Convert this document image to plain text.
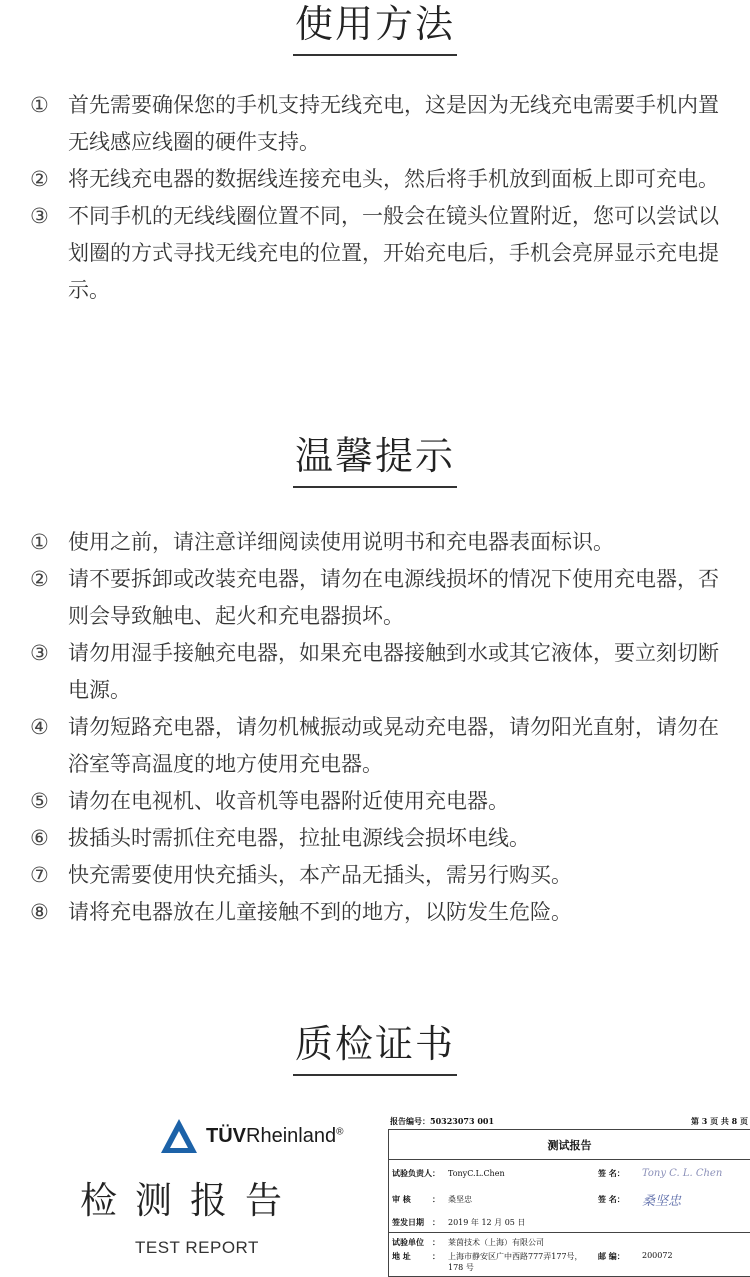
使用方法
① 首先需要确保您的手机支持无线充电，这是因为无线充电需要手机内置无线感应线圈的硬件支持。
② 将无线充电器的数据线连接充电头，然后将手机放到面板上即可充电。
③ 不同手机的无线线圈位置不同，一般会在镜头位置附近，您可以尝试以划圈的方式寻找无线充电的位置，开始充电后，手机会亮屏显示充电提示。
温馨提示
① 使用之前，请注意详细阅读使用说明书和充电器表面标识。
② 请不要拆卸或改装充电器，请勿在电源线损坏的情况下使用充电器，否则会导致触电、起火和充电器损坏。
③ 请勿用湿手接触充电器，如果充电器接触到水或其它液体，要立刻切断电源。
④ 请勿短路充电器，请勿机械振动或晃动充电器，请勿阳光直射，请勿在浴室等高温度的地方使用充电器。
⑤ 请勿在电视机、收音机等电器附近使用充电器。
⑥ 拔插头时需抓住充电器，拉扯电源线会损坏电线。
⑦ 快充需要使用快充插头，本产品无插头，需另行购买。
⑧ 请将充电器放在儿童接触不到的地方，以防发生危险。
质检证书
TÜVRheinland®
检测报告
TEST REPORT
报告编号：50323073 001	第 3 页 共 8 页
测试报告
试验负责人：	TonyC.L.Chen	签 名：	Tony C. L. Chen
审 核	：	桑坚忠	签 名：	桑坚忠
签发日期	：	2019 年 12 月 05 日
试验单位	：	莱茵技术（上海）有限公司
地 址	：	上海市静安区广中西路777弄177号，
178 号
邮 编：	200072
